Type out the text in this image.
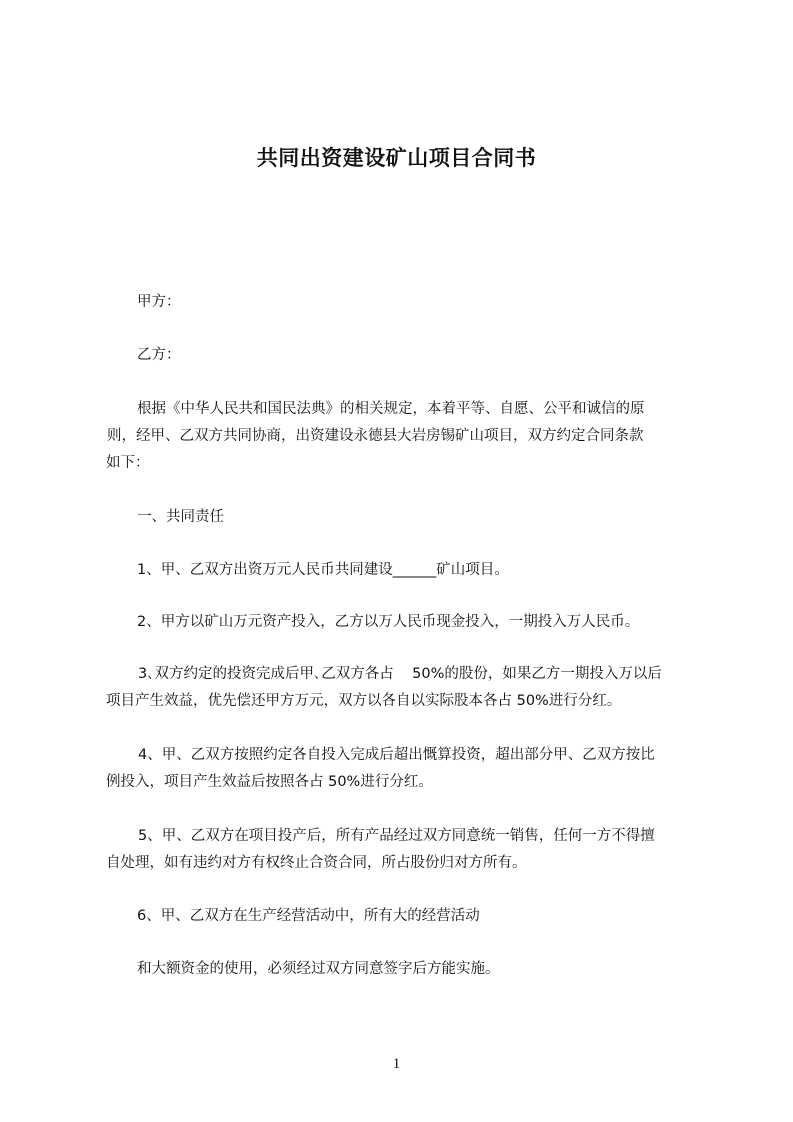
共同出资建设矿山项目合同书
甲方：
乙方：
根据《中华人民共和国民法典》的相关规定，本着平等、自愿、公平和诚信的原
则，经甲、乙双方共同协商，出资建设永德县大岩房锡矿山项目，双方约定合同条款
如下：
一、共同责任
1、甲、乙双方出资万元人民币共同建设______矿山项目。
2、甲方以矿山万元资产投入，乙方以万人民币现金投入，一期投入万人民币。
3､双方约定的投资完成后甲､乙双方各占    50%的股份，如果乙方一期投入万以后
项目产生效益，优先偿还甲方万元，双方以各自以实际股本各占 50%进行分红。
4、甲、乙双方按照约定各自投入完成后超出慨算投资，超出部分甲、乙双方按比
例投入，项目产生效益后按照各占 50%进行分红。
5、甲、乙双方在项目投产后，所有产品经过双方同意统一销售，任何一方不得擅
自处理，如有违约对方有权终止合资合同，所占股份归对方所有。
6、甲、乙双方在生产经营活动中，所有大的经营活动
和大额资金的使用，必须经过双方同意签字后方能实施。
1
